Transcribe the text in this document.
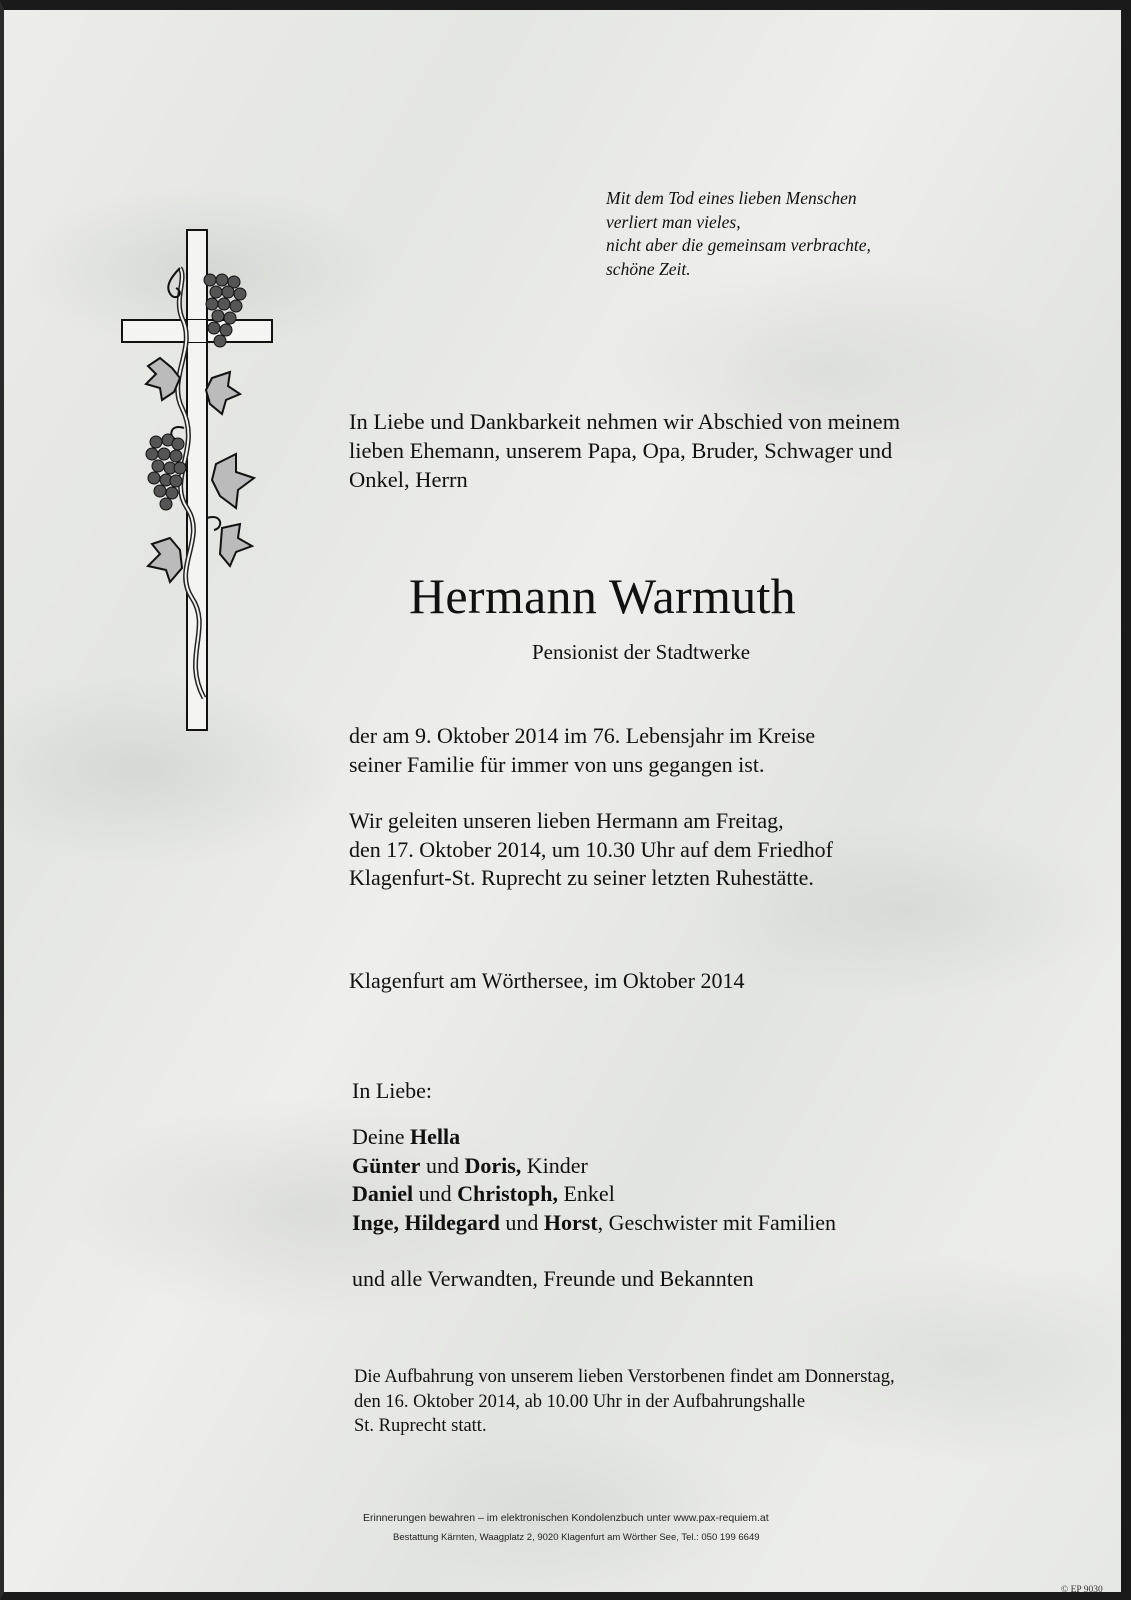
Mit dem Tod eines lieben Menschen
verliert man vieles,
nicht aber die gemeinsam verbrachte,
schöne Zeit.
In Liebe und Dankbarkeit nehmen wir Abschied von meinem
lieben Ehemann, unserem Papa, Opa, Bruder, Schwager und
Onkel, Herrn
Hermann Warmuth
Pensionist der Stadtwerke
der am 9. Oktober 2014 im 76. Lebensjahr im Kreise
seiner Familie für immer von uns gegangen ist.
Wir geleiten unseren lieben Hermann am Freitag,
den 17. Oktober 2014, um 10.30 Uhr auf dem Friedhof
Klagenfurt-St. Ruprecht zu seiner letzten Ruhestätte.
Klagenfurt am Wörthersee, im Oktober 2014
In Liebe:
Deine Hella
Günter und Doris, Kinder
Daniel und Christoph, Enkel
Inge, Hildegard und Horst, Geschwister mit Familien
und alle Verwandten, Freunde und Bekannten
Die Aufbahrung von unserem lieben Verstorbenen findet am Donnerstag,
den 16. Oktober 2014, ab 10.00 Uhr in der Aufbahrungshalle
St. Ruprecht statt.
Erinnerungen bewahren – im elektronischen Kondolenzbuch unter www.pax-requiem.at
Bestattung Kärnten, Waagplatz 2, 9020 Klagenfurt am Wörther See, Tel.: 050 199 6649
© EP 9030
